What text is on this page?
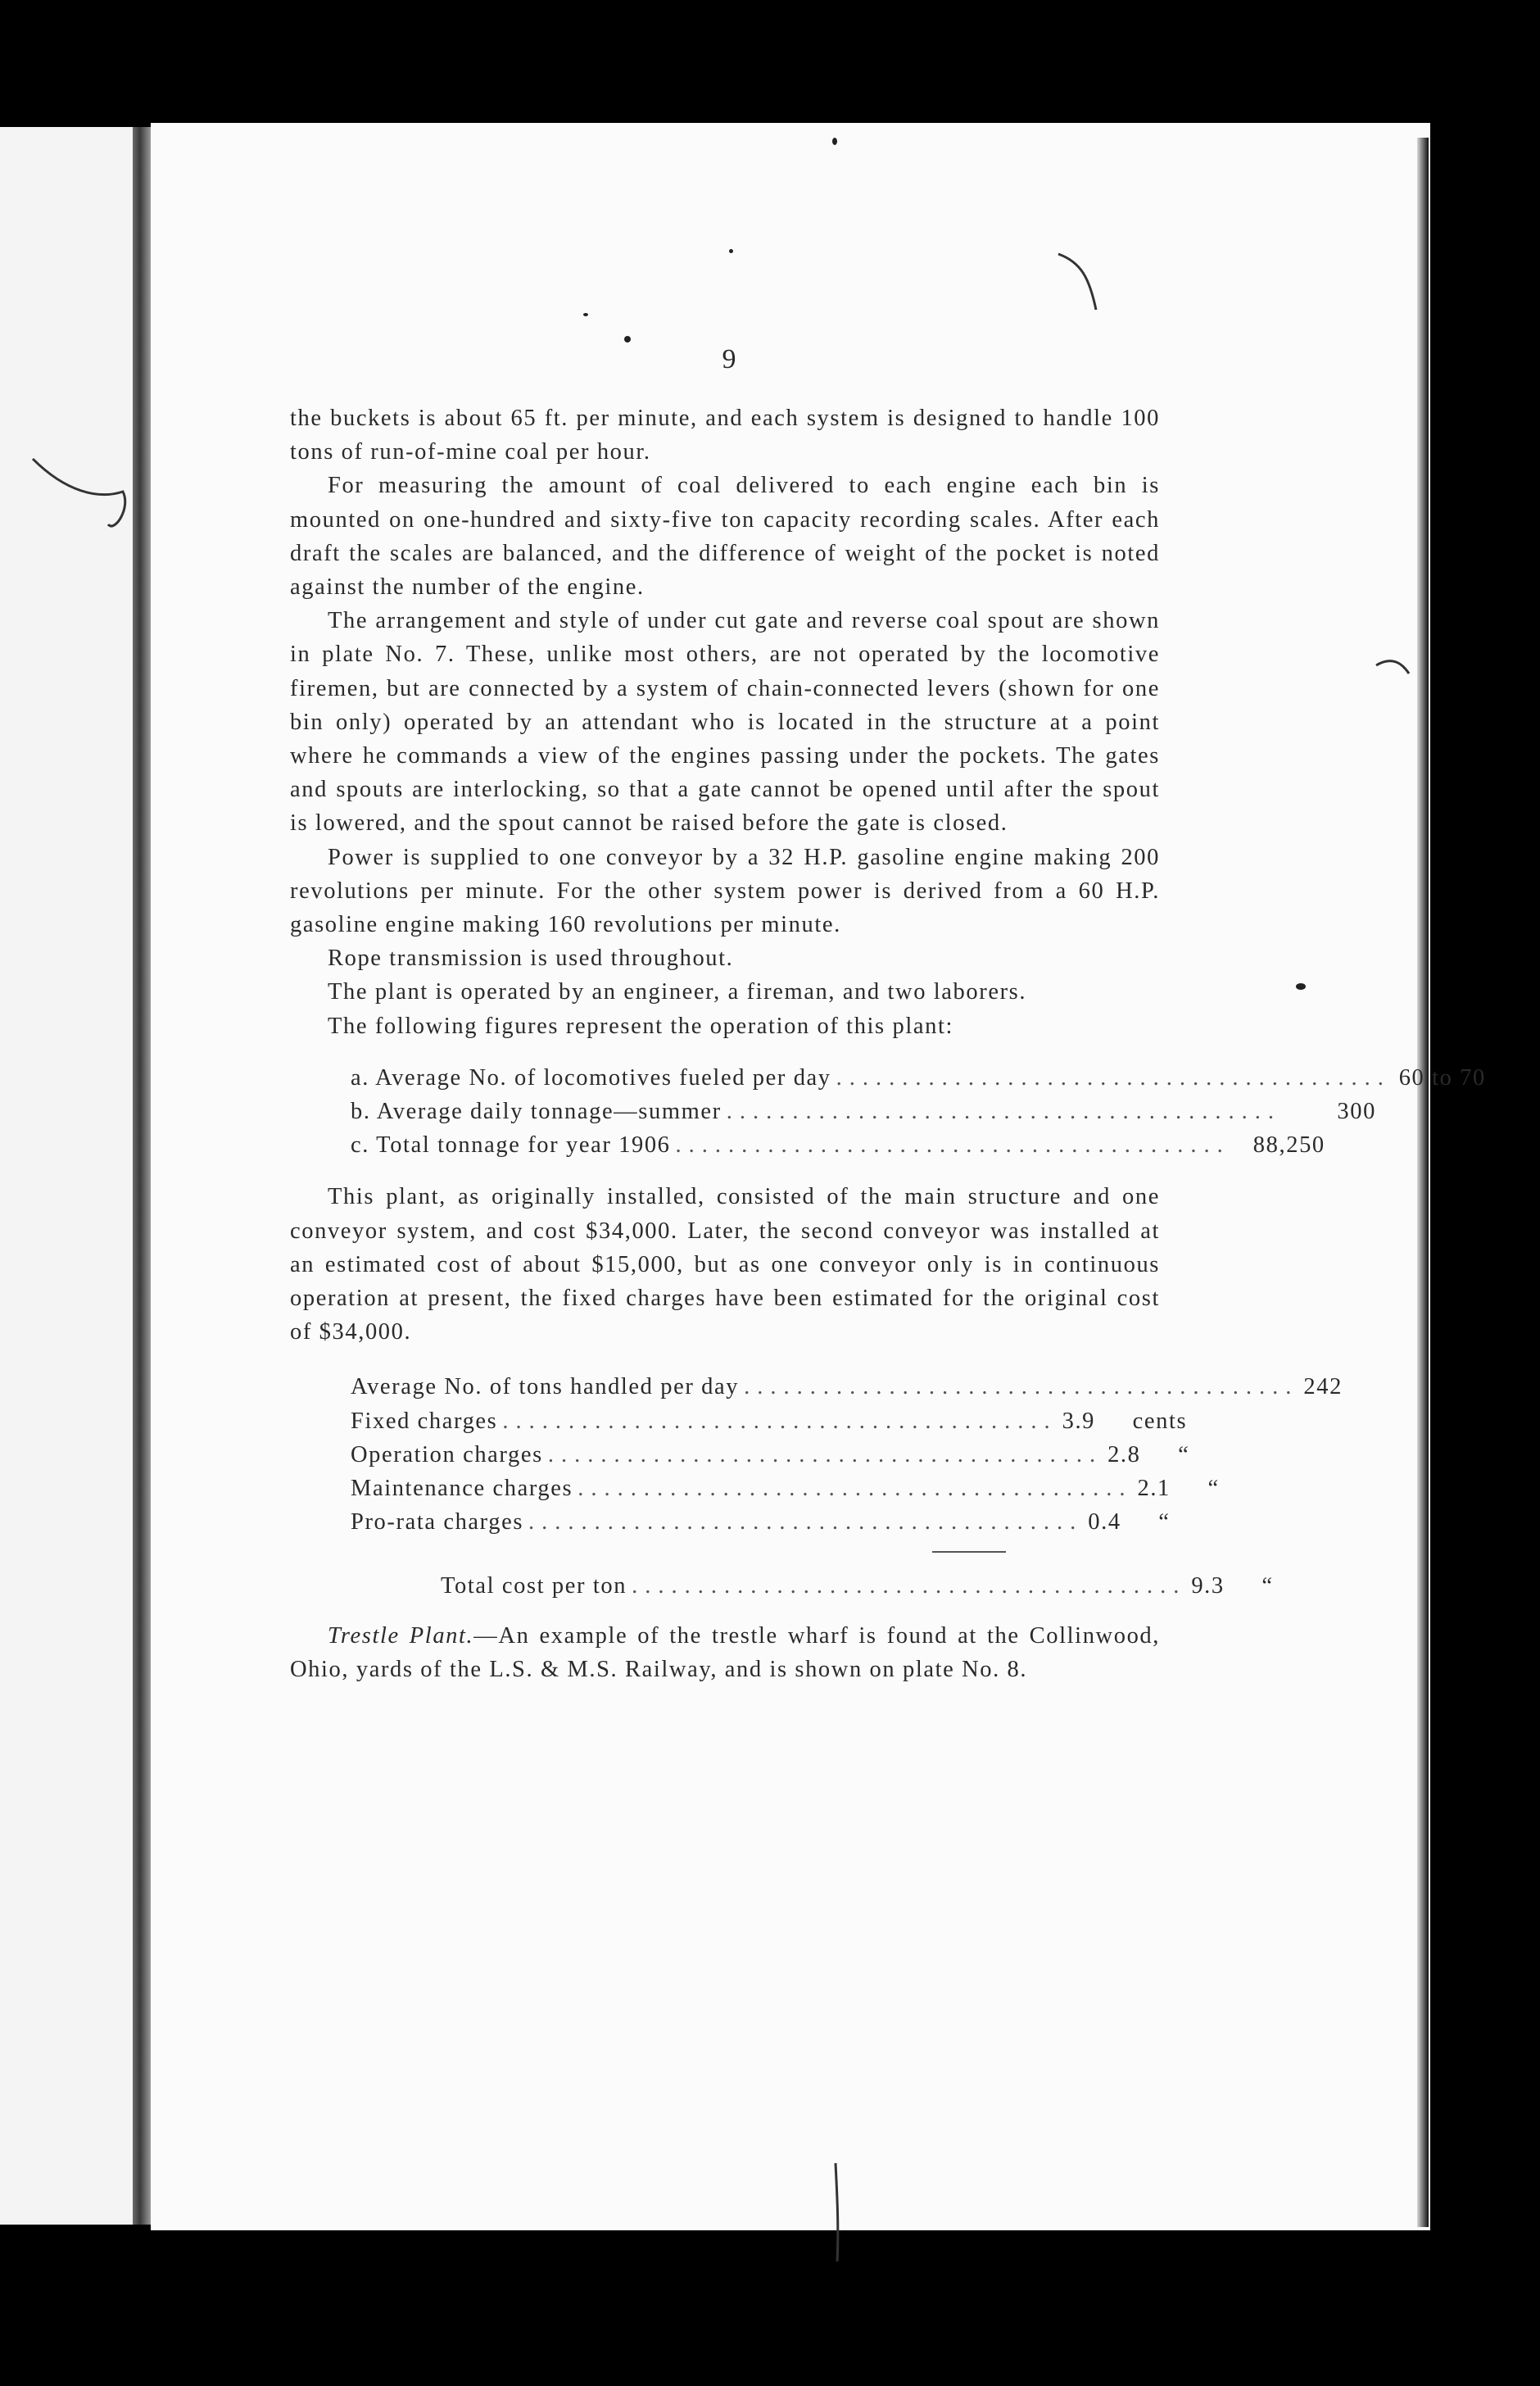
9

the buckets is about 65 ft. per minute, and each system is designed to handle 100 tons of run-of-mine coal per hour.

For measuring the amount of coal delivered to each engine each bin is mounted on one-hundred and sixty-five ton capacity recording scales. After each draft the scales are balanced, and the difference of weight of the pocket is noted against the number of the engine.

The arrangement and style of under cut gate and reverse coal spout are shown in plate No. 7. These, unlike most others, are not operated by the locomotive firemen, but are connected by a system of chain-connected levers (shown for one bin only) operated by an attendant who is located in the structure at a point where he commands a view of the engines passing under the pockets. The gates and spouts are interlocking, so that a gate cannot be opened until after the spout is lowered, and the spout cannot be raised before the gate is closed.

Power is supplied to one conveyor by a 32 H.P. gasoline engine making 200 revolutions per minute. For the other system power is derived from a 60 H.P. gasoline engine making 160 revolutions per minute.

Rope transmission is used throughout.

The plant is operated by an engineer, a fireman, and two laborers.

The following figures represent the operation of this plant:

a. Average No. of locomotives fueled per day .......................................... 60 to 70
b. Average daily tonnage—summer ..........................................	300
c. Total tonnage for year 1906 .......................................... 88,250

This plant, as originally installed, consisted of the main structure and one conveyor system, and cost $34,000. Later, the second conveyor was installed at an estimated cost of about $15,000, but as one conveyor only is in continuous operation at present, the fixed charges have been estimated for the original cost of $34,000.

Average No. of tons handled per day .......................................... 242
Fixed charges .......................................... 3.9	cents
Operation charges .......................................... 2.8	“
Maintenance charges .......................................... 2.1	“
Pro-rata charges .......................................... 0.4	“
Total cost per ton .......................................... 9.3	“

Trestle Plant.—An example of the trestle wharf is found at the Collinwood, Ohio, yards of the L.S. & M.S. Railway, and is shown on plate No. 8.
